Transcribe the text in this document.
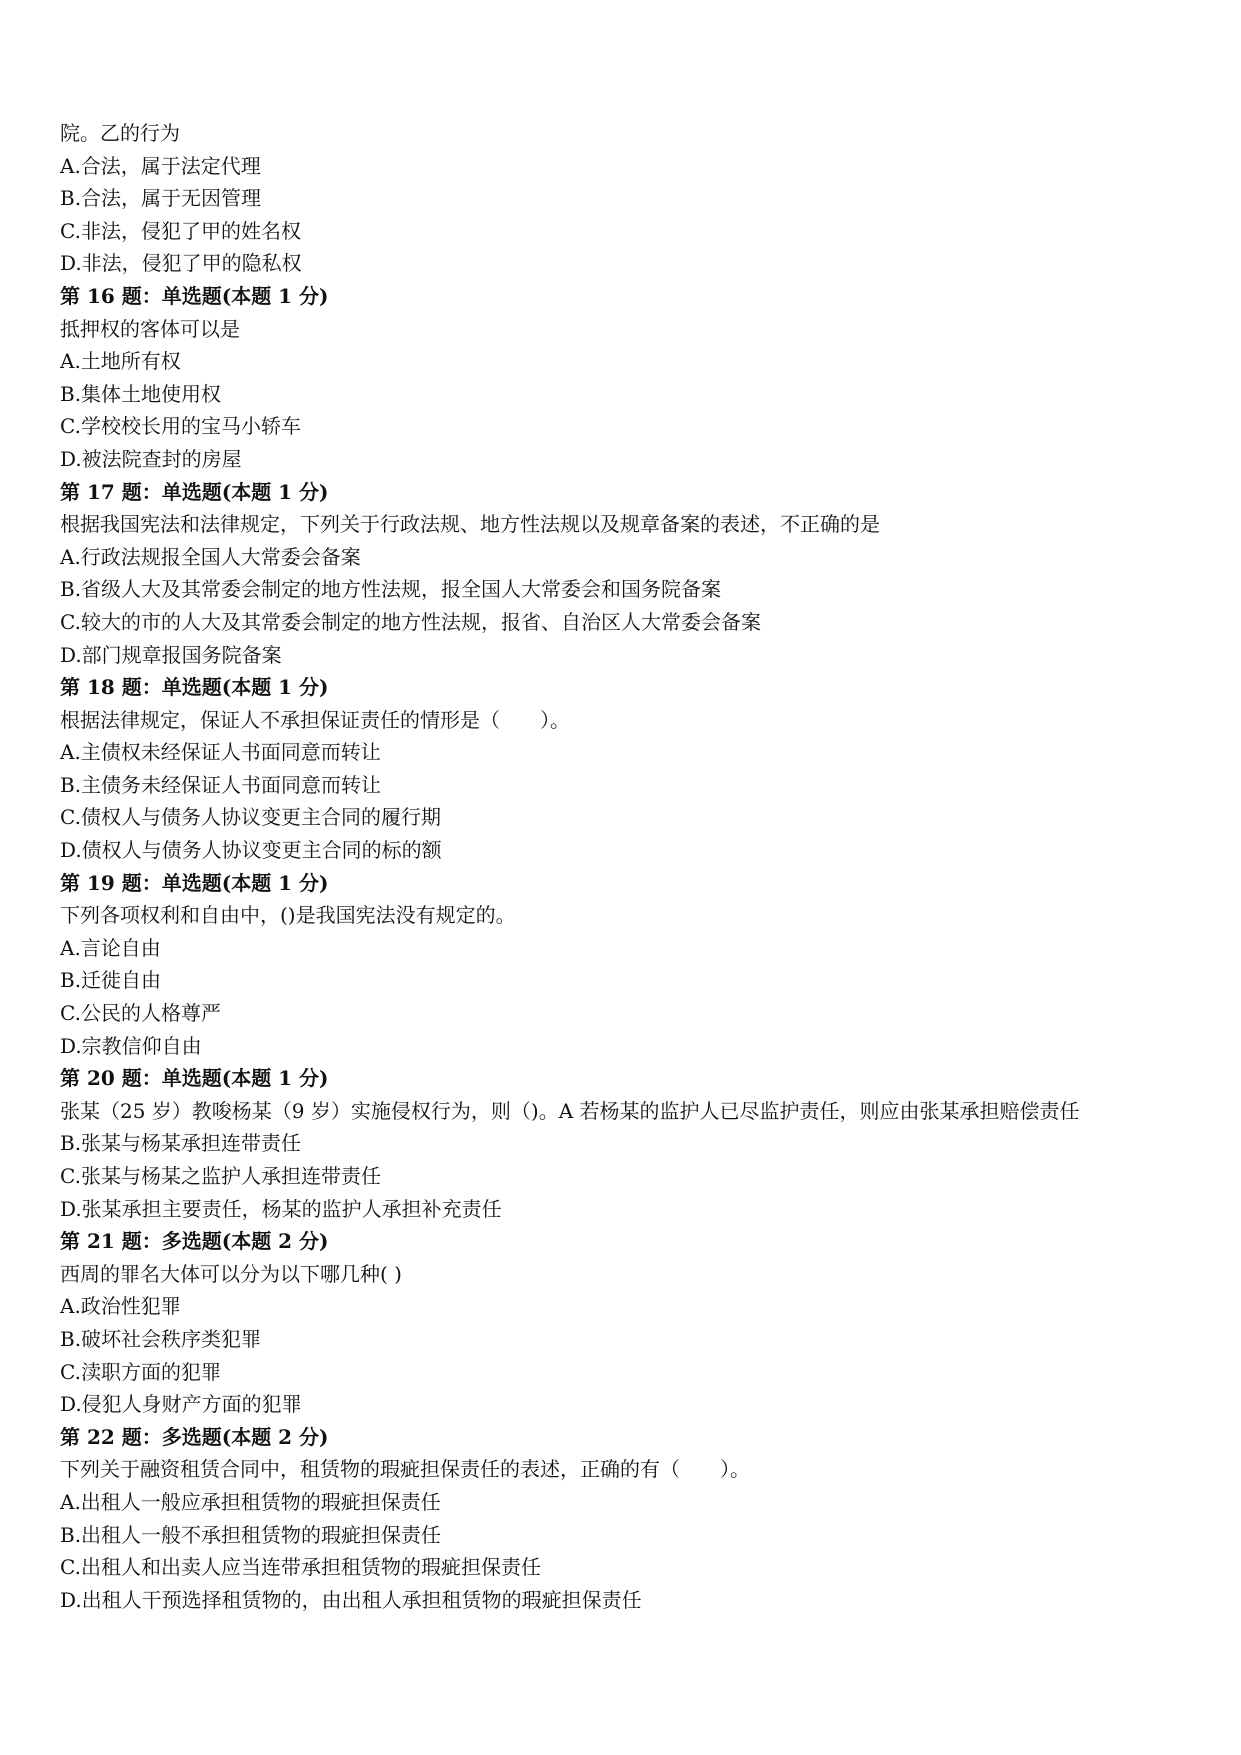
院。乙的行为
A.合法，属于法定代理
B.合法，属于无因管理
C.非法，侵犯了甲的姓名权
D.非法，侵犯了甲的隐私权
第 16 题：单选题(本题 1 分)
抵押权的客体可以是
A.土地所有权
B.集体土地使用权
C.学校校长用的宝马小轿车
D.被法院查封的房屋
第 17 题：单选题(本题 1 分)
根据我国宪法和法律规定，下列关于行政法规、地方性法规以及规章备案的表述，不正确的是
A.行政法规报全国人大常委会备案
B.省级人大及其常委会制定的地方性法规，报全国人大常委会和国务院备案
C.较大的市的人大及其常委会制定的地方性法规，报省、自治区人大常委会备案
D.部门规章报国务院备案
第 18 题：单选题(本题 1 分)
根据法律规定，保证人不承担保证责任的情形是（　　）。
A.主债权未经保证人书面同意而转让
B.主债务未经保证人书面同意而转让
C.债权人与债务人协议变更主合同的履行期
D.债权人与债务人协议变更主合同的标的额
第 19 题：单选题(本题 1 分)
下列各项权利和自由中，()是我国宪法没有规定的。
A.言论自由
B.迁徙自由
C.公民的人格尊严
D.宗教信仰自由
第 20 题：单选题(本题 1 分)
张某（25 岁）教唆杨某（9 岁）实施侵权行为，则（)。A 若杨某的监护人已尽监护责任，则应由张某承担赔偿责任
B.张某与杨某承担连带责任
C.张某与杨某之监护人承担连带责任
D.张某承担主要责任，杨某的监护人承担补充责任
第 21 题：多选题(本题 2 分)
西周的罪名大体可以分为以下哪几种( )
A.政治性犯罪
B.破坏社会秩序类犯罪
C.渎职方面的犯罪
D.侵犯人身财产方面的犯罪
第 22 题：多选题(本题 2 分)
下列关于融资租赁合同中，租赁物的瑕疵担保责任的表述，正确的有（　　）。
A.出租人一般应承担租赁物的瑕疵担保责任
B.出租人一般不承担租赁物的瑕疵担保责任
C.出租人和出卖人应当连带承担租赁物的瑕疵担保责任
D.出租人干预选择租赁物的，由出租人承担租赁物的瑕疵担保责任
